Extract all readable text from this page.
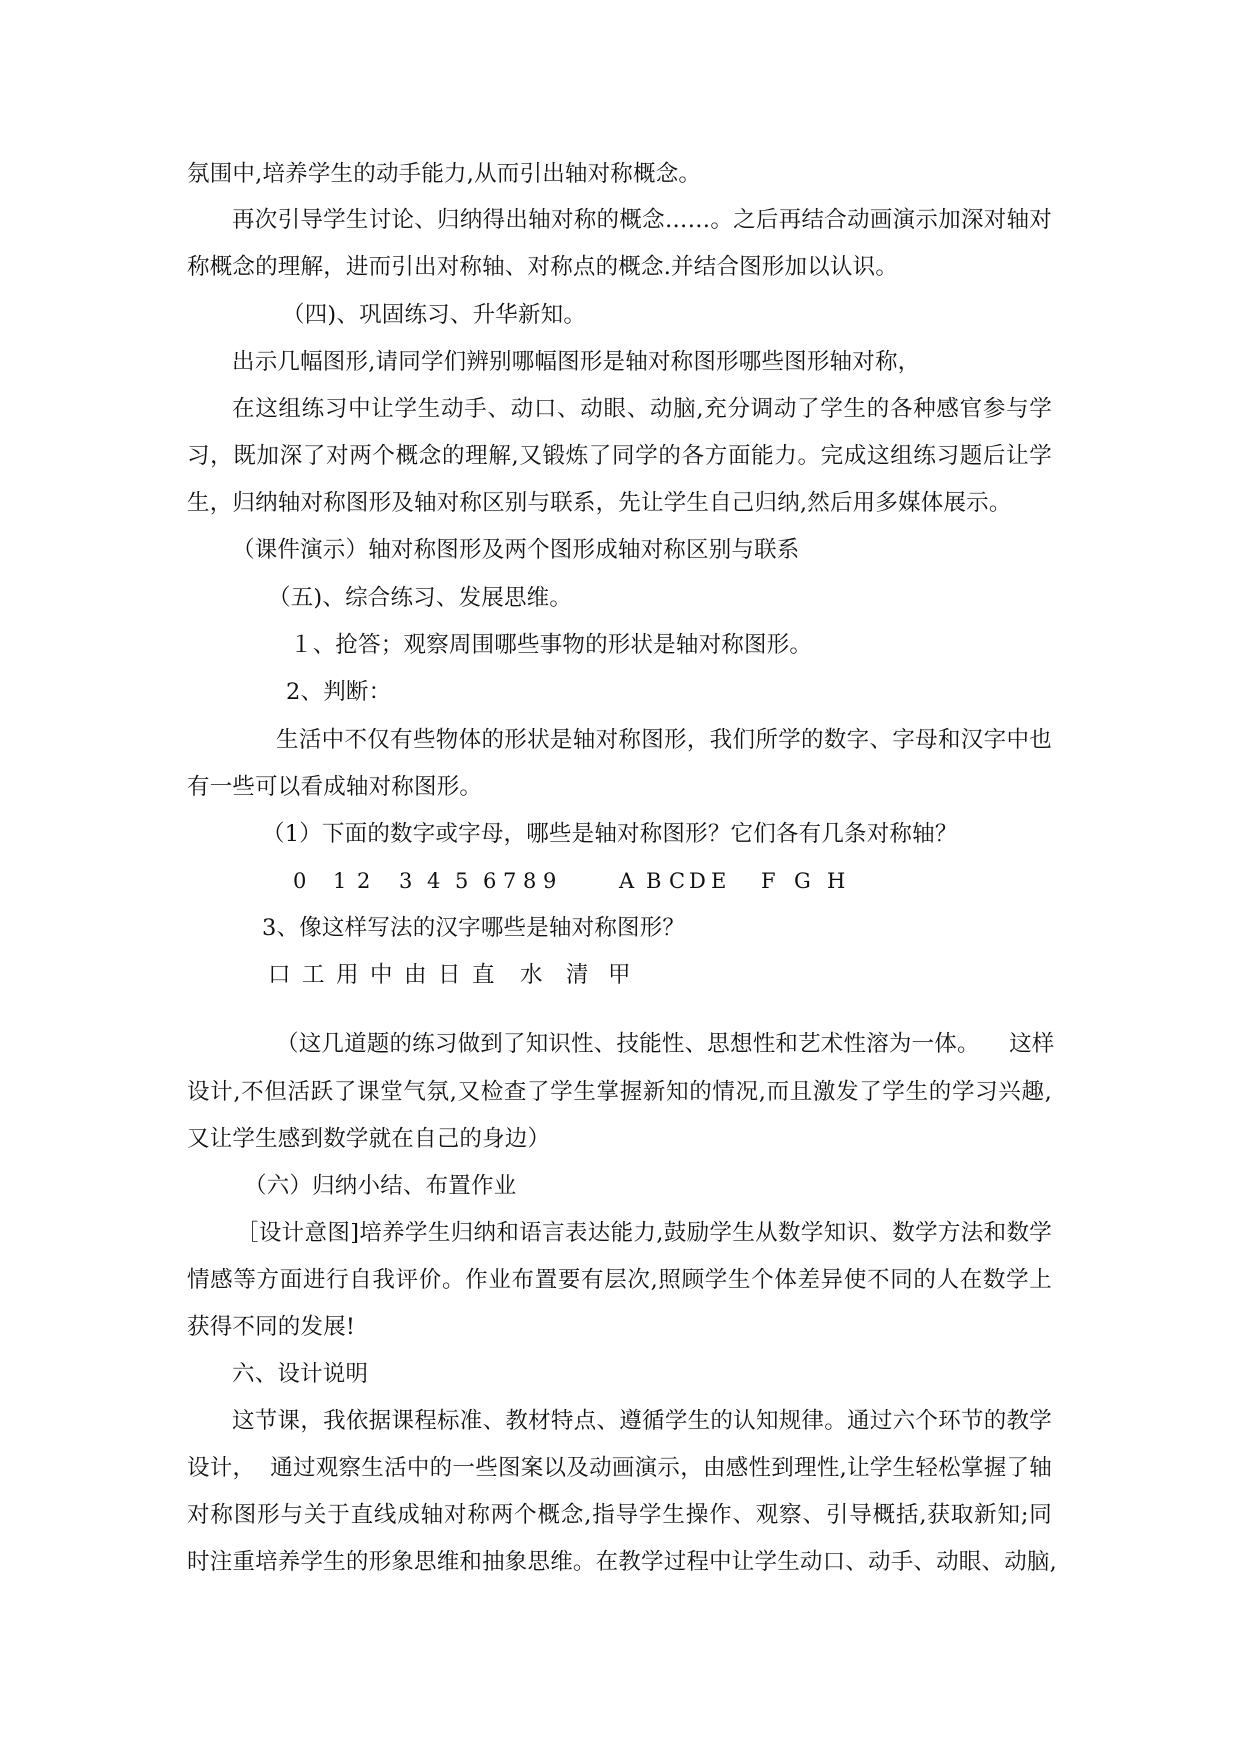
氛围中,培养学生的动手能力,从而引出轴对称概念。
再次引导学生讨论、归纳得出轴对称的概念……。之后再结合动画演示加深对轴对
称概念的理解，进而引出对称轴、对称点的概念.并结合图形加以认识。
（四)、巩固练习、升华新知。
出示几幅图形,请同学们辨别哪幅图形是轴对称图形哪些图形轴对称，
在这组练习中让学生动手、动口、动眼、动脑,充分调动了学生的各种感官参与学
习，既加深了对两个概念的理解,又锻炼了同学的各方面能力。完成这组练习题后让学
生，归纳轴对称图形及轴对称区别与联系，先让学生自己归纳,然后用多媒体展示。
（课件演示）轴对称图形及两个图形成轴对称区别与联系
（五)、综合练习、发展思维。
１、抢答；观察周围哪些事物的形状是轴对称图形。
2、判断：
生活中不仅有些物体的形状是轴对称图形，我们所学的数字、字母和汉字中也
有一些可以看成轴对称图形。
（1）下面的数字或字母，哪些是轴对称图形？它们各有几条对称轴？
0 1 2 3 4 5 6 7 8 9	A B C D E F G H
3、像这样写法的汉字哪些是轴对称图形？
口 工 用 中 由 日 直 水 清 甲
（这几道题的练习做到了知识性、技能性、思想性和艺术性溶为一体。    这样
设计,不但活跃了课堂气氛,又检查了学生掌握新知的情况,而且激发了学生的学习兴趣,
又让学生感到数学就在自己的身边）
（六）归纳小结、布置作业
［设计意图]培养学生归纳和语言表达能力,鼓励学生从数学知识、数学方法和数学
情感等方面进行自我评价。作业布置要有层次,照顾学生个体差异使不同的人在数学上
获得不同的发展!
六、设计说明
这节课，我依据课程标准、教材特点、遵循学生的认知规律。通过六个环节的教学
设计，  通过观察生活中的一些图案以及动画演示，由感性到理性,让学生轻松掌握了轴
对称图形与关于直线成轴对称两个概念,指导学生操作、观察、引导概括,获取新知;同
时注重培养学生的形象思维和抽象思维。在教学过程中让学生动口、动手、动眼、动脑,
